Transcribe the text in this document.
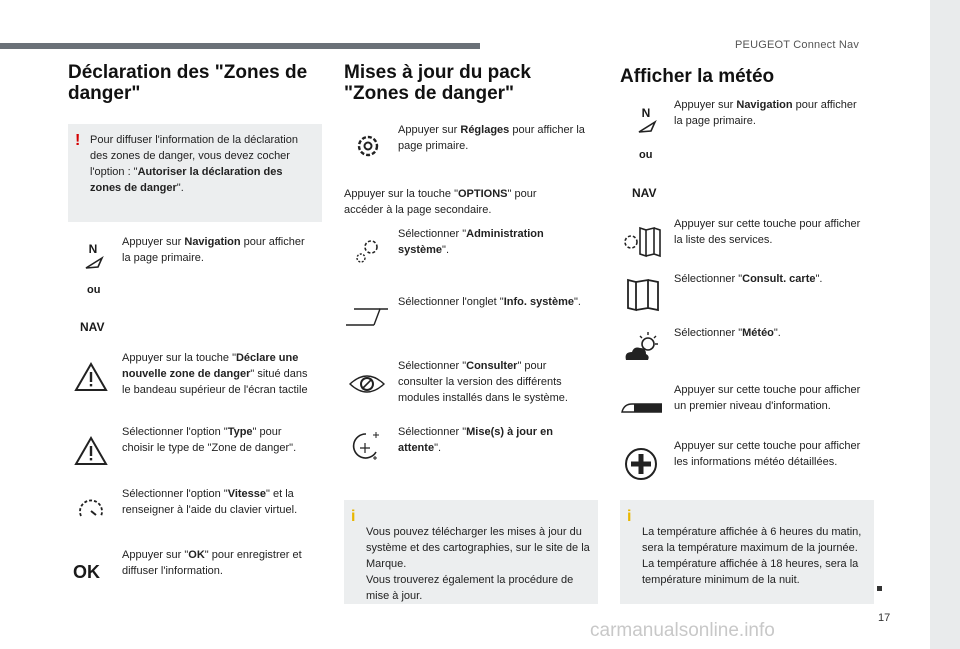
PEUGEOT Connect Nav
17
carmanualsonline.info
Déclaration des "Zones de danger"
! Pour diffuser l'information de la déclaration des zones de danger, vous devez cocher l'option : "Autoriser la déclaration des zones de danger".
N
ou
NAV
Appuyer sur Navigation pour afficher la page primaire.
Appuyer sur la touche "Déclare une nouvelle zone de danger" situé dans le bandeau supérieur de l'écran tactile
Sélectionner l'option "Type" pour choisir le type de "Zone de danger".
Sélectionner l'option "Vitesse" et la renseigner à l'aide du clavier virtuel.
OK
Appuyer sur "OK" pour enregistrer et diffuser l'information.
Mises à jour du pack "Zones de danger"
Appuyer sur Réglages pour afficher la page primaire.
Appuyer sur la touche "OPTIONS" pour accéder à la page secondaire.
Sélectionner "Administration système".
Sélectionner l'onglet "Info. système".
Sélectionner "Consulter" pour consulter la version des différents modules installés dans le système.
Sélectionner "Mise(s) à jour en attente".

i
Vous pouvez télécharger les mises à jour du système et des cartographies, sur le site de la Marque.
Vous trouverez également la procédure de mise à jour.

Afficher la météo
N
ou
NAV
Appuyer sur Navigation pour afficher la page primaire.
Appuyer sur cette touche pour afficher la liste des services.
Sélectionner "Consult. carte".
Sélectionner "Météo".
Appuyer sur cette touche pour afficher un premier niveau d'information.
Appuyer sur cette touche pour afficher les informations météo détaillées.

i
La température affichée à 6 heures du matin, sera la température maximum de la journée.
La température affichée à 18 heures, sera la température minimum de la nuit.
